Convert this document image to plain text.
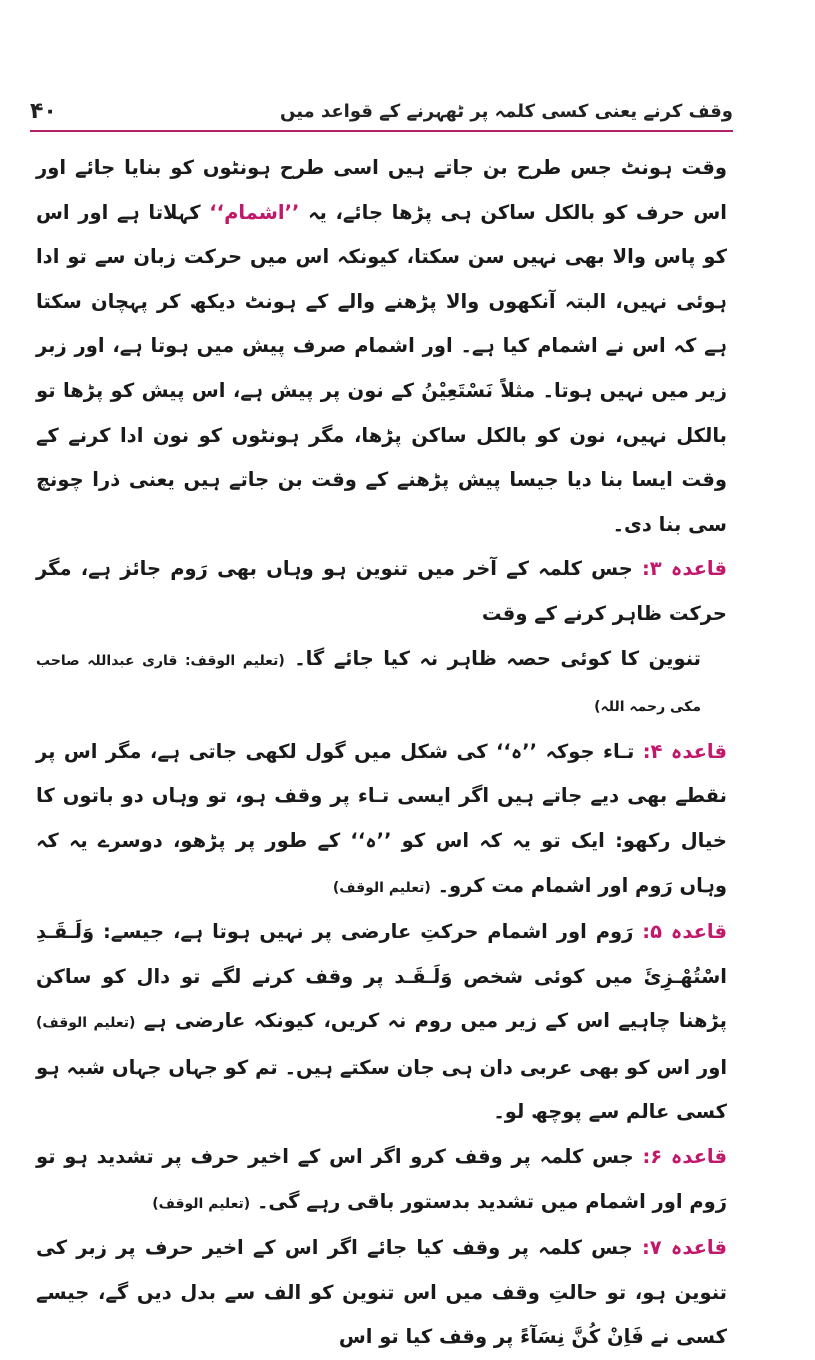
وقف کرنے یعنی کسی کلمہ پر ٹھہرنے کے قواعد میں
۴۰

وقت ہونٹ جس طرح بن جاتے ہیں اسی طرح ہونٹوں کو بنایا جائے اور اس حرف کو بالکل ساکن ہی پڑھا جائے، یہ ’’اشمام‘‘ کہلاتا ہے اور اس کو پاس والا بھی نہیں سن سکتا، کیونکہ اس میں حرکت زبان سے تو ادا ہوئی نہیں، البتہ آنکھوں والا پڑھنے والے کے ہونٹ دیکھ کر پہچان سکتا ہے کہ اس نے اشمام کیا ہے۔ اور اشمام صرف پیش میں ہوتا ہے، اور زبر زیر میں نہیں ہوتا۔ مثلاً نَسْتَعِيْنُ کے نون پر پیش ہے، اس پیش کو پڑھا تو بالکل نہیں، نون کو بالکل ساکن پڑھا، مگر ہونٹوں کو نون ادا کرنے کے وقت ایسا بنا دیا جیسا پیش پڑھنے کے وقت بن جاتے ہیں یعنی ذرا چونچ سی بنا دی۔

قاعدہ ۳: جس کلمہ کے آخر میں تنوین ہو وہاں بھی رَوم جائز ہے، مگر حرکت ظاہر کرنے کے وقت
تنوین کا کوئی حصہ ظاہر نہ کیا جائے گا۔ (تعلیم الوقف: قاری عبداللہ صاحب مکی رحمہ اللہ)

قاعدہ ۴: تـاء جوکہ ’’ہ‘‘ کی شکل میں گول لکھی جاتی ہے، مگر اس پر نقطے بھی دیے جاتے ہیں اگر ایسی تـاء پر وقف ہو، تو وہاں دو باتوں کا خیال رکھو: ایک تو یہ کہ اس کو ’’ہ‘‘ کے طور پر پڑھو، دوسرے یہ کہ وہاں رَوم اور اشمام مت کرو۔ (تعلیم الوقف)

قاعدہ ۵: رَوم اور اشمام حرکتِ عارضی پر نہیں ہوتا ہے، جیسے: وَلَـقَـدِ اسْتُهْـزِئَ میں کوئی شخص وَلَـقَـد پر وقف کرنے لگے تو دال کو ساکن پڑھنا چاہیے اس کے زیر میں روم نہ کریں، کیونکہ عارضی ہے (تعلیم الوقف) اور اس کو بھی عربی دان ہی جان سکتے ہیں۔ تم کو جہاں جہاں شبہ ہو کسی عالم سے پوچھ لو۔

قاعدہ ۶: جس کلمہ پر وقف کرو اگر اس کے اخیر حرف پر تشدید ہو تو رَوم اور اشمام میں تشدید بدستور باقی رہے گی۔ (تعلیم الوقف)

قاعدہ ۷: جس کلمہ پر وقف کیا جائے اگر اس کے اخیر حرف پر زبر کی تنوین ہو، تو حالتِ وقف میں اس تنوین کو الف سے بدل دیں گے، جیسے کسی نے فَاِنْ كُنَّ نِسَآءً پر وقف کیا تو اس
